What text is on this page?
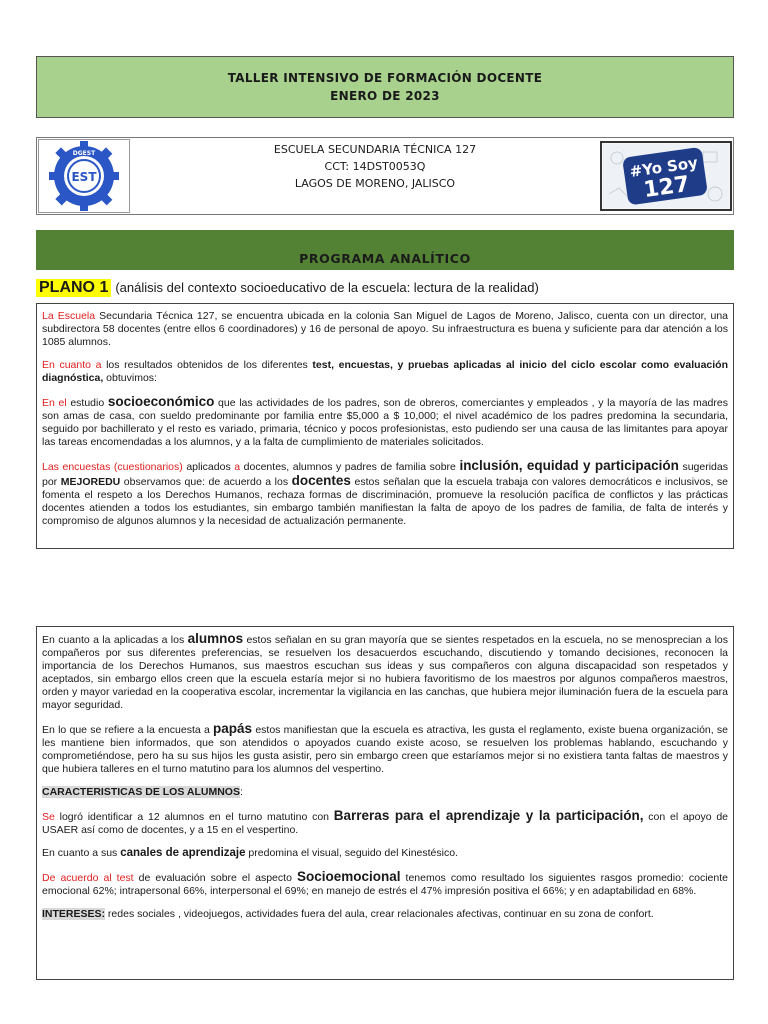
TALLER INTENSIVO DE FORMACIÓN DOCENTE
ENERO DE 2023
DGEST
EST
ESCUELA SECUNDARIA TÉCNICA 127
CCT: 14DST0053Q
LAGOS DE MORENO, JALISCO
#Yo Soy
127
PROGRAMA ANALÍTICO
PLANO 1 (análisis del contexto socioeducativo de la escuela: lectura de la realidad)

La Escuela Secundaria Técnica 127, se encuentra ubicada en la colonia San Miguel de Lagos de Moreno, Jalisco, cuenta con un director, una subdirectora 58 docentes (entre ellos 6 coordinadores) y 16 de personal de apoyo. Su infraestructura es buena y suficiente para dar atención a los 1085 alumnos.

En cuanto a los resultados obtenidos de los diferentes test, encuestas, y pruebas aplicadas al inicio del ciclo escolar como evaluación diagnóstica, obtuvimos:

En el estudio socioeconómico que las actividades de los padres, son de obreros, comerciantes y empleados , y la mayoría de las madres son amas de casa, con sueldo predominante por familia entre $5,000 a $ 10,000; el nivel académico de los padres predomina la secundaria, seguido por bachillerato y el resto es variado, primaria, técnico y pocos profesionistas, esto pudiendo ser una causa de las limitantes para apoyar las tareas encomendadas a los alumnos, y a la falta de cumplimiento de materiales solicitados.

Las encuestas (cuestionarios) aplicados a docentes, alumnos y padres de familia sobre inclusión, equidad y participación sugeridas por MEJOREDU observamos que: de acuerdo a los docentes estos señalan que la escuela trabaja con valores democráticos e inclusivos, se fomenta el respeto a los Derechos Humanos, rechaza formas de discriminación, promueve la resolución pacífica de conflictos y las prácticas docentes atienden a todos los estudiantes, sin embargo también manifiestan la falta de apoyo de los padres de familia, de falta de interés y compromiso de algunos alumnos y la necesidad de actualización permanente.

En cuanto a la aplicadas a los alumnos estos señalan en su gran mayoría que se sientes respetados en la escuela, no se menosprecian a los compañeros por sus diferentes preferencias, se resuelven los desacuerdos escuchando, discutiendo y tomando decisiones, reconocen la importancia de los Derechos Humanos, sus maestros escuchan sus ideas y sus compañeros con alguna discapacidad son respetados y aceptados, sin embargo ellos creen que la escuela estaría mejor si no hubiera favoritismo de los maestros por algunos compañeros maestros, orden y mayor variedad en la cooperativa escolar, incrementar la vigilancia en las canchas, que hubiera mejor iluminación fuera de la escuela para mayor seguridad.

En lo que se refiere a la encuesta a papás estos manifiestan que la escuela es atractiva, les gusta el reglamento, existe buena organización, se les mantiene bien informados, que son atendidos o apoyados cuando existe acoso, se resuelven los problemas hablando, escuchando y comprometiéndose, pero ha su sus hijos les gusta asistir, pero sin embargo creen que estaríamos mejor si no existiera tanta faltas de maestros y que hubiera talleres en el turno matutino para los alumnos del vespertino.

CARACTERISTICAS DE LOS ALUMNOS:

Se logró identificar a 12 alumnos en el turno matutino con Barreras para el aprendizaje y la participación, con el apoyo de USAER así como de docentes, y a 15 en el vespertino.

En cuanto a sus canales de aprendizaje predomina el visual, seguido del Kinestésico.

De acuerdo al test de evaluación sobre el aspecto Socioemocional tenemos como resultado los siguientes rasgos promedio: cociente emocional 62%; intrapersonal 66%, interpersonal el 69%; en manejo de estrés el 47% impresión positiva el 66%; y en adaptabilidad en 68%.

INTERESES: redes sociales , videojuegos, actividades fuera del aula, crear relacionales afectivas, continuar en su zona de confort.
